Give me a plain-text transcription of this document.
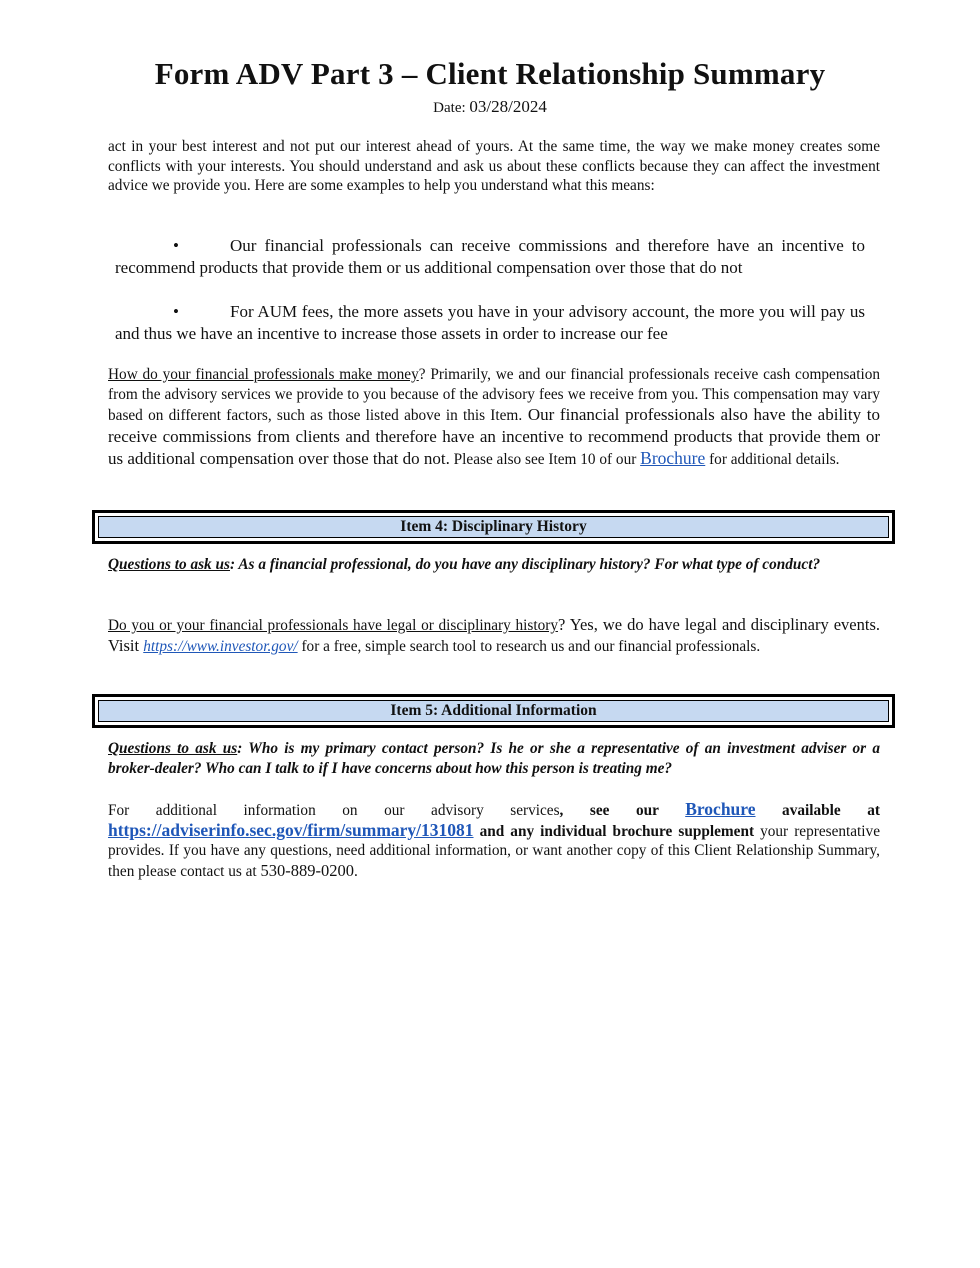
Form ADV Part 3 – Client Relationship Summary
Date: 03/28/2024
act in your best interest and not put our interest ahead of yours. At the same time, the way we make money creates some conflicts with your interests. You should understand and ask us about these conflicts because they can affect the investment advice we provide you. Here are some examples to help you understand what this means:
•	Our financial professionals can receive commissions and therefore have an incentive to recommend products that provide them or us additional compensation over those that do not
•	For AUM fees, the more assets you have in your advisory account, the more you will pay us and thus we have an incentive to increase those assets in order to increase our fee
How do your financial professionals make money? Primarily, we and our financial professionals receive cash compensation from the advisory services we provide to you because of the advisory fees we receive from you. This compensation may vary based on different factors, such as those listed above in this Item. Our financial professionals also have the ability to receive commissions from clients and therefore have an incentive to recommend products that provide them or us additional compensation over those that do not. Please also see Item 10 of our Brochure for additional details.
Item 4: Disciplinary History
Questions to ask us: As a financial professional, do you have any disciplinary history? For what type of conduct?
Do you or your financial professionals have legal or disciplinary history? Yes, we do have legal and disciplinary events. Visit https://www.investor.gov/ for a free, simple search tool to research us and our financial professionals.
Item 5: Additional Information
Questions to ask us: Who is my primary contact person? Is he or she a representative of an investment adviser or a broker-dealer? Who can I talk to if I have concerns about how this person is treating me?
For additional information on our advisory services, see our Brochure available at https://adviserinfo.sec.gov/firm/summary/131081 and any individual brochure supplement your representative provides. If you have any questions, need additional information, or want another copy of this Client Relationship Summary, then please contact us at 530-889-0200.
